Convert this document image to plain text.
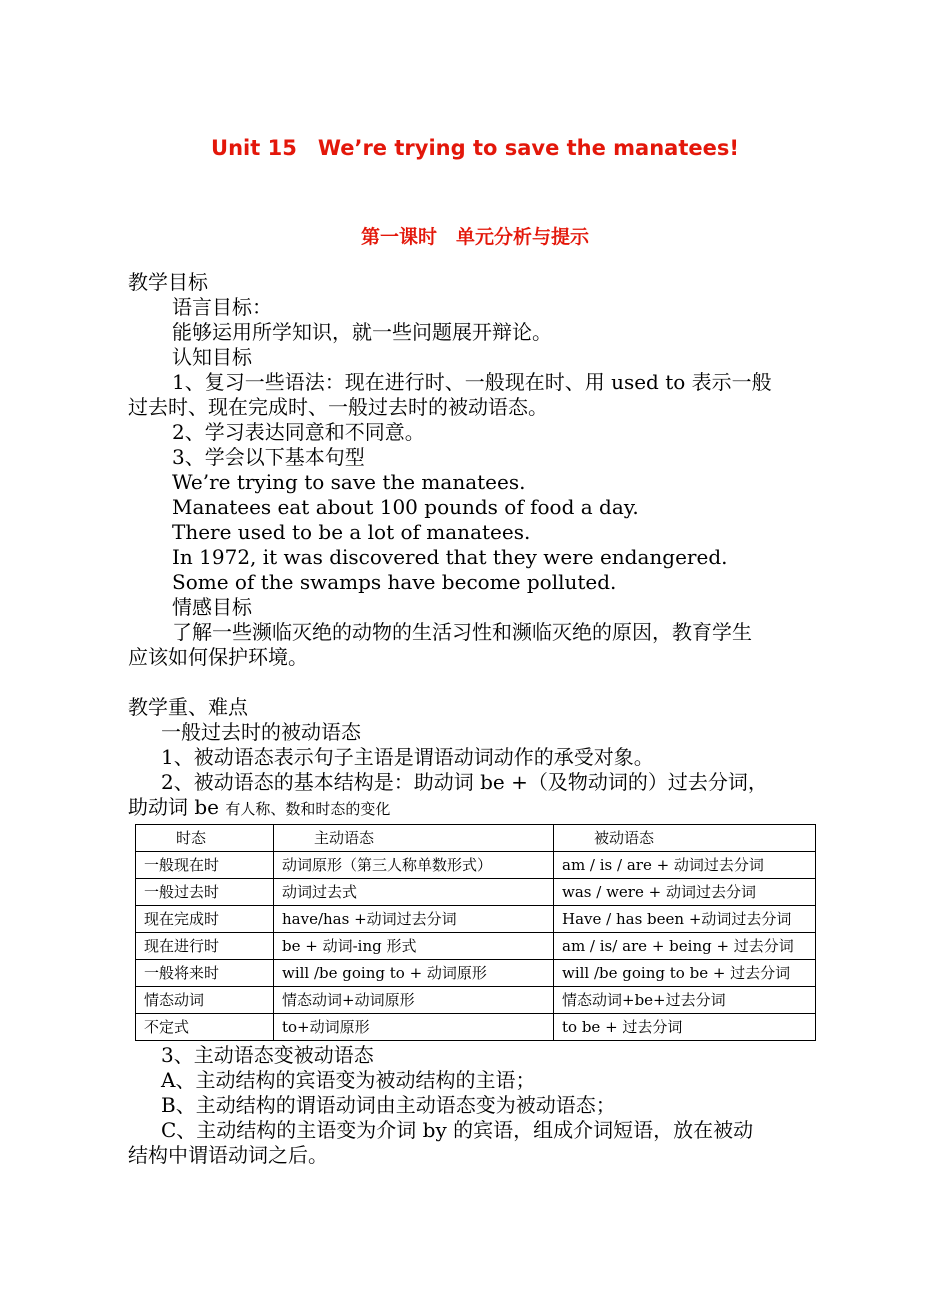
Unit 15　We’re trying to save the manatees!
第一课时　单元分析与提示
教学目标
语言目标：
能够运用所学知识，就一些问题展开辩论。
认知目标
1、复习一些语法：现在进行时、一般现在时、用 used to 表示一般
过去时、现在完成时、一般过去时的被动语态。
2、学习表达同意和不同意。
3、学会以下基本句型
We’re trying to save the manatees.
Manatees eat about 100 pounds of food a day.
There used to be a lot of manatees.
In 1972, it was discovered that they were endangered.
Some of the swamps have become polluted.
情感目标
了解一些濒临灭绝的动物的生活习性和濒临灭绝的原因，教育学生
应该如何保护环境。
教学重、难点
一般过去时的被动语态
1、被动语态表示句子主语是谓语动词动作的承受对象。
2、被动语态的基本结构是：助动词 be +（及物动词的）过去分词，
助动词 be 有人称、数和时态的变化
时态	主动语态	被动语态
一般现在时	动词原形（第三人称单数形式）	am / is / are + 动词过去分词
一般过去时	动词过去式	was / were + 动词过去分词
现在完成时	have/has +动词过去分词	Have / has been +动词过去分词
现在进行时	be + 动词-ing 形式	am / is/ are + being + 过去分词
一般将来时	will /be going to + 动词原形	will /be going to be + 过去分词
情态动词	情态动词+动词原形	情态动词+be+过去分词
不定式	to+动词原形	to be + 过去分词
3、主动语态变被动语态
A、主动结构的宾语变为被动结构的主语；
B、主动结构的谓语动词由主动语态变为被动语态；
C、主动结构的主语变为介词 by 的宾语，组成介词短语，放在被动
结构中谓语动词之后。
